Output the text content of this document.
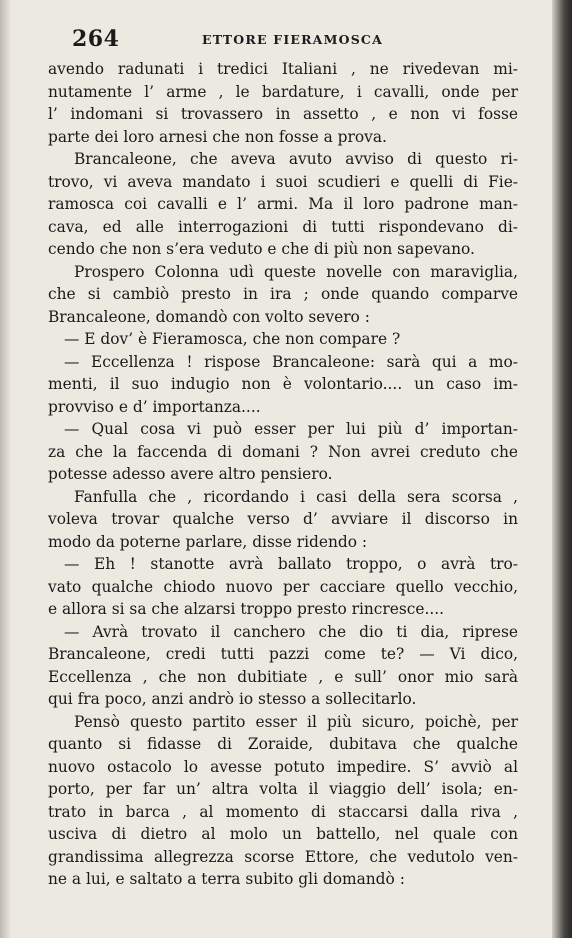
264	ETTORE FIERAMOSCA
avendo radunati i tredici Italiani , ne rivedevan mi-
nutamente l’ arme , le bardature, i cavalli, onde per
l’ indomani si trovassero in assetto , e non vi fosse
parte dei loro arnesi che non fosse a prova.
Brancaleone, che aveva avuto avviso di questo ri-
trovo, vi aveva mandato i suoi scudieri e quelli di Fie-
ramosca coi cavalli e l’ armi. Ma il loro padrone man-
cava, ed alle interrogazioni di tutti rispondevano di-
cendo che non s’era veduto e che di più non sapevano.
Prospero Colonna udì queste novelle con maraviglia,
che si cambiò presto in ira ; onde quando comparve
Brancaleone, domandò con volto severo :
— E dov’ è Fieramosca, che non compare ?
— Eccellenza ! rispose Brancaleone: sarà qui a mo-
menti, il suo indugio non è volontario.... un caso im-
provviso e d’ importanza....
— Qual cosa vi può esser per lui più d’ importan-
za che la faccenda di domani ? Non avrei creduto che
potesse adesso avere altro pensiero.
Fanfulla che , ricordando i casi della sera scorsa ,
voleva trovar qualche verso d’ avviare il discorso in
modo da poterne parlare, disse ridendo :
— Eh ! stanotte avrà ballato troppo, o avrà tro-
vato qualche chiodo nuovo per cacciare quello vecchio,
e allora si sa che alzarsi troppo presto rincresce....
— Avrà trovato il canchero che dio ti dia, riprese
Brancaleone, credi tutti pazzi come te? — Vi dico,
Eccellenza , che non dubitiate , e sull’ onor mio sarà
qui fra poco, anzi andrò io stesso a sollecitarlo.
Pensò questo partito esser il più sicuro, poichè, per
quanto si fidasse di Zoraide, dubitava che qualche
nuovo ostacolo lo avesse potuto impedire. S’ avviò al
porto, per far un’ altra volta il viaggio dell’ isola; en-
trato in barca , al momento di staccarsi dalla riva ,
usciva di dietro al molo un battello, nel quale con
grandissima allegrezza scorse Ettore, che vedutolo ven-
ne a lui, e saltato a terra subito gli domandò :
